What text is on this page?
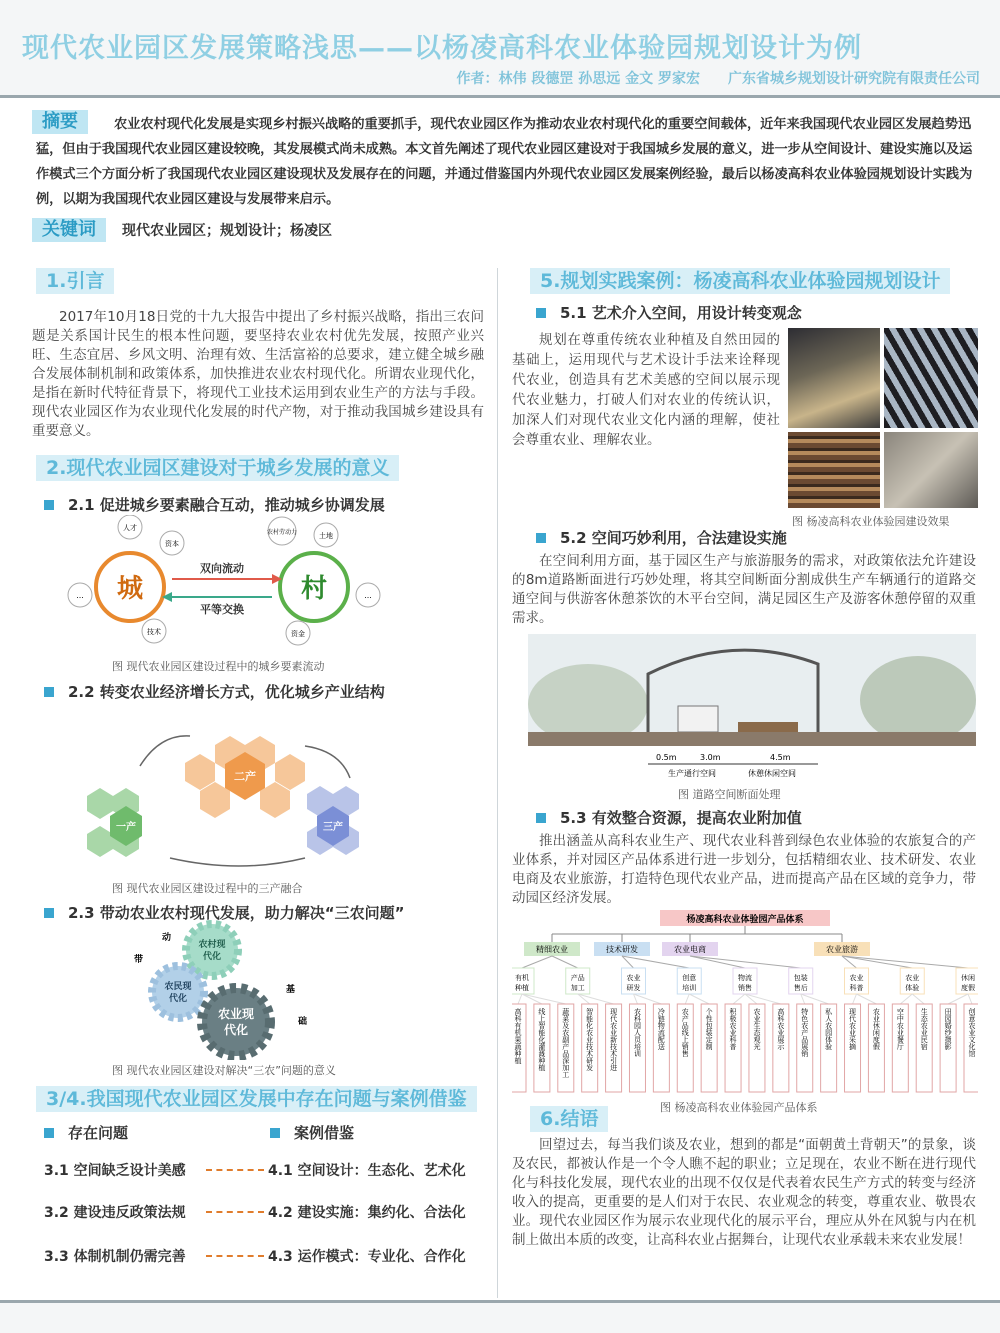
现代农业园区发展策略浅思——以杨凌高科农业体验园规划设计为例
作者：林伟 段德罡 孙思远 金文 罗家宏　　广东省城乡规划设计研究院有限责任公司
农业农村现代化发展是实现乡村振兴战略的重要抓手，现代农业园区作为推动农业农村现代化的重要空间载体，近年来我国现代农业园区发展趋势迅猛，但由于我国现代农业园区建设较晚，其发展模式尚未成熟。本文首先阐述了现代农业园区建设对于我国城乡发展的意义，进一步从空间设计、建设实施以及运作模式三个方面分析了我国现代农业园区建设现状及发展存在的问题，并通过借鉴国内外现代农业园区发展案例经验，最后以杨凌高科农业体验园规划设计实践为例，以期为我国现代农业园区建设与发展带来启示。
摘要
关键词	现代农业园区；规划设计；杨凌区
1.引言
2017年10月18日党的十九大报告中提出了乡村振兴战略，指出三农问题是关系国计民生的根本性问题，要坚持农业农村优先发展，按照产业兴旺、生态宜居、乡风文明、治理有效、生活富裕的总要求，建立健全城乡融合发展体制机制和政策体系，加快推进农业农村现代化。所谓农业现代化，是指在新时代特征背景下，将现代工业技术运用到农业生产的方法与手段。现代农业园区作为农业现代化发展的时代产物，对于推动我国城乡建设具有重要意义。
2.现代农业园区建设对于城乡发展的意义
2.1 促进城乡要素融合互动，推动城乡协调发展
城	村
双向流动
平等交换
人才
资本
...
技术
农村劳动力	土地
...
资金
图 现代农业园区建设过程中的城乡要素流动
2.2 转变农业经济增长方式，优化城乡产业结构
二产
一产	三产
图 现代农业园区建设过程中的三产融合
2.3 带动农业农村现代发展，助力解决“三农问题”
农村现
代化
农民现
代化
农业现
代化
动
带
基
础
图 现代农业园区建设对解决“三农”问题的意义
3/4.我国现代农业园区发展中存在问题与案例借鉴
存在问题	案例借鉴
3.1 空间缺乏设计美感	4.1 空间设计：生态化、艺术化
3.2 建设违反政策法规	4.2 建设实施：集约化、合法化
3.3 体制机制仍需完善	4.3 运作模式：专业化、合作化
5.规划实践案例：杨凌高科农业体验园规划设计
5.1 艺术介入空间，用设计转变观念
规划在尊重传统农业种植及自然田园的基础上，运用现代与艺术设计手法来诠释现代农业，创造具有艺术美感的空间以展示现代农业魅力，打破人们对农业的传统认识，加深人们对现代农业文化内涵的理解，使社会尊重农业、理解农业。
图 杨凌高科农业体验园建设效果
5.2 空间巧妙利用，合法建设实施
在空间利用方面，基于园区生产与旅游服务的需求，对政策依法允许建设的8m道路断面进行巧妙处理，将其空间断面分割成供生产车辆通行的道路交通空间与供游客休憩茶饮的木平台空间，满足园区生产及游客休憩停留的双重需求。
0.5m	3.0m	4.5m
生产通行空间	休憩休闲空间
图 道路空间断面处理
5.3 有效整合资源，提高农业附加值
推出涵盖从高科农业生产、现代农业科普到绿色农业体验的农旅复合的产业体系，并对园区产品体系进行进一步划分，包括精细农业、技术研发、农业电商及农业旅游，打造特色现代农业产品，进而提高产品在区域的竞争力，带动园区经济发展。
杨凌高科农业体验园产品体系
精细农业	技术研发	农业电商	农业旅游
有机
种植
产品
加工
农业
研发
创意
培训
物流
销售
包装
售后
农业
科普
农业
体验
休闲
度假
高科有机果蔬种植 线上智能化灌溉种植 蔬菜及农副产品深加工 智能化农业技术研发 现代农业新技术引进 农科园人员培训 冷链物流配送 农产品线上销售 个性包装定制 积极农业科普 农业生态观光 高科农业展示 特色农产品展销 私人农园体验 现代农业采摘 农业休闲度假 空中农业餐厅 生态农业民宿 田园婚纱摄影 创意农业文化馆
图 杨凌高科农业体验园产品体系
6.结语
回望过去，每当我们谈及农业，想到的都是“面朝黄土背朝天”的景象，谈及农民，都被认作是一个令人瞧不起的职业；立足现在，农业不断在进行现代化与科技化发展，现代农业的出现不仅仅是代表着农民生产方式的转变与经济收入的提高，更重要的是人们对于农民、农业观念的转变，尊重农业、敬畏农业。现代农业园区作为展示农业现代化的展示平台，理应从外在风貌与内在机制上做出本质的改变，让高科农业占据舞台，让现代农业承载未来农业发展！
